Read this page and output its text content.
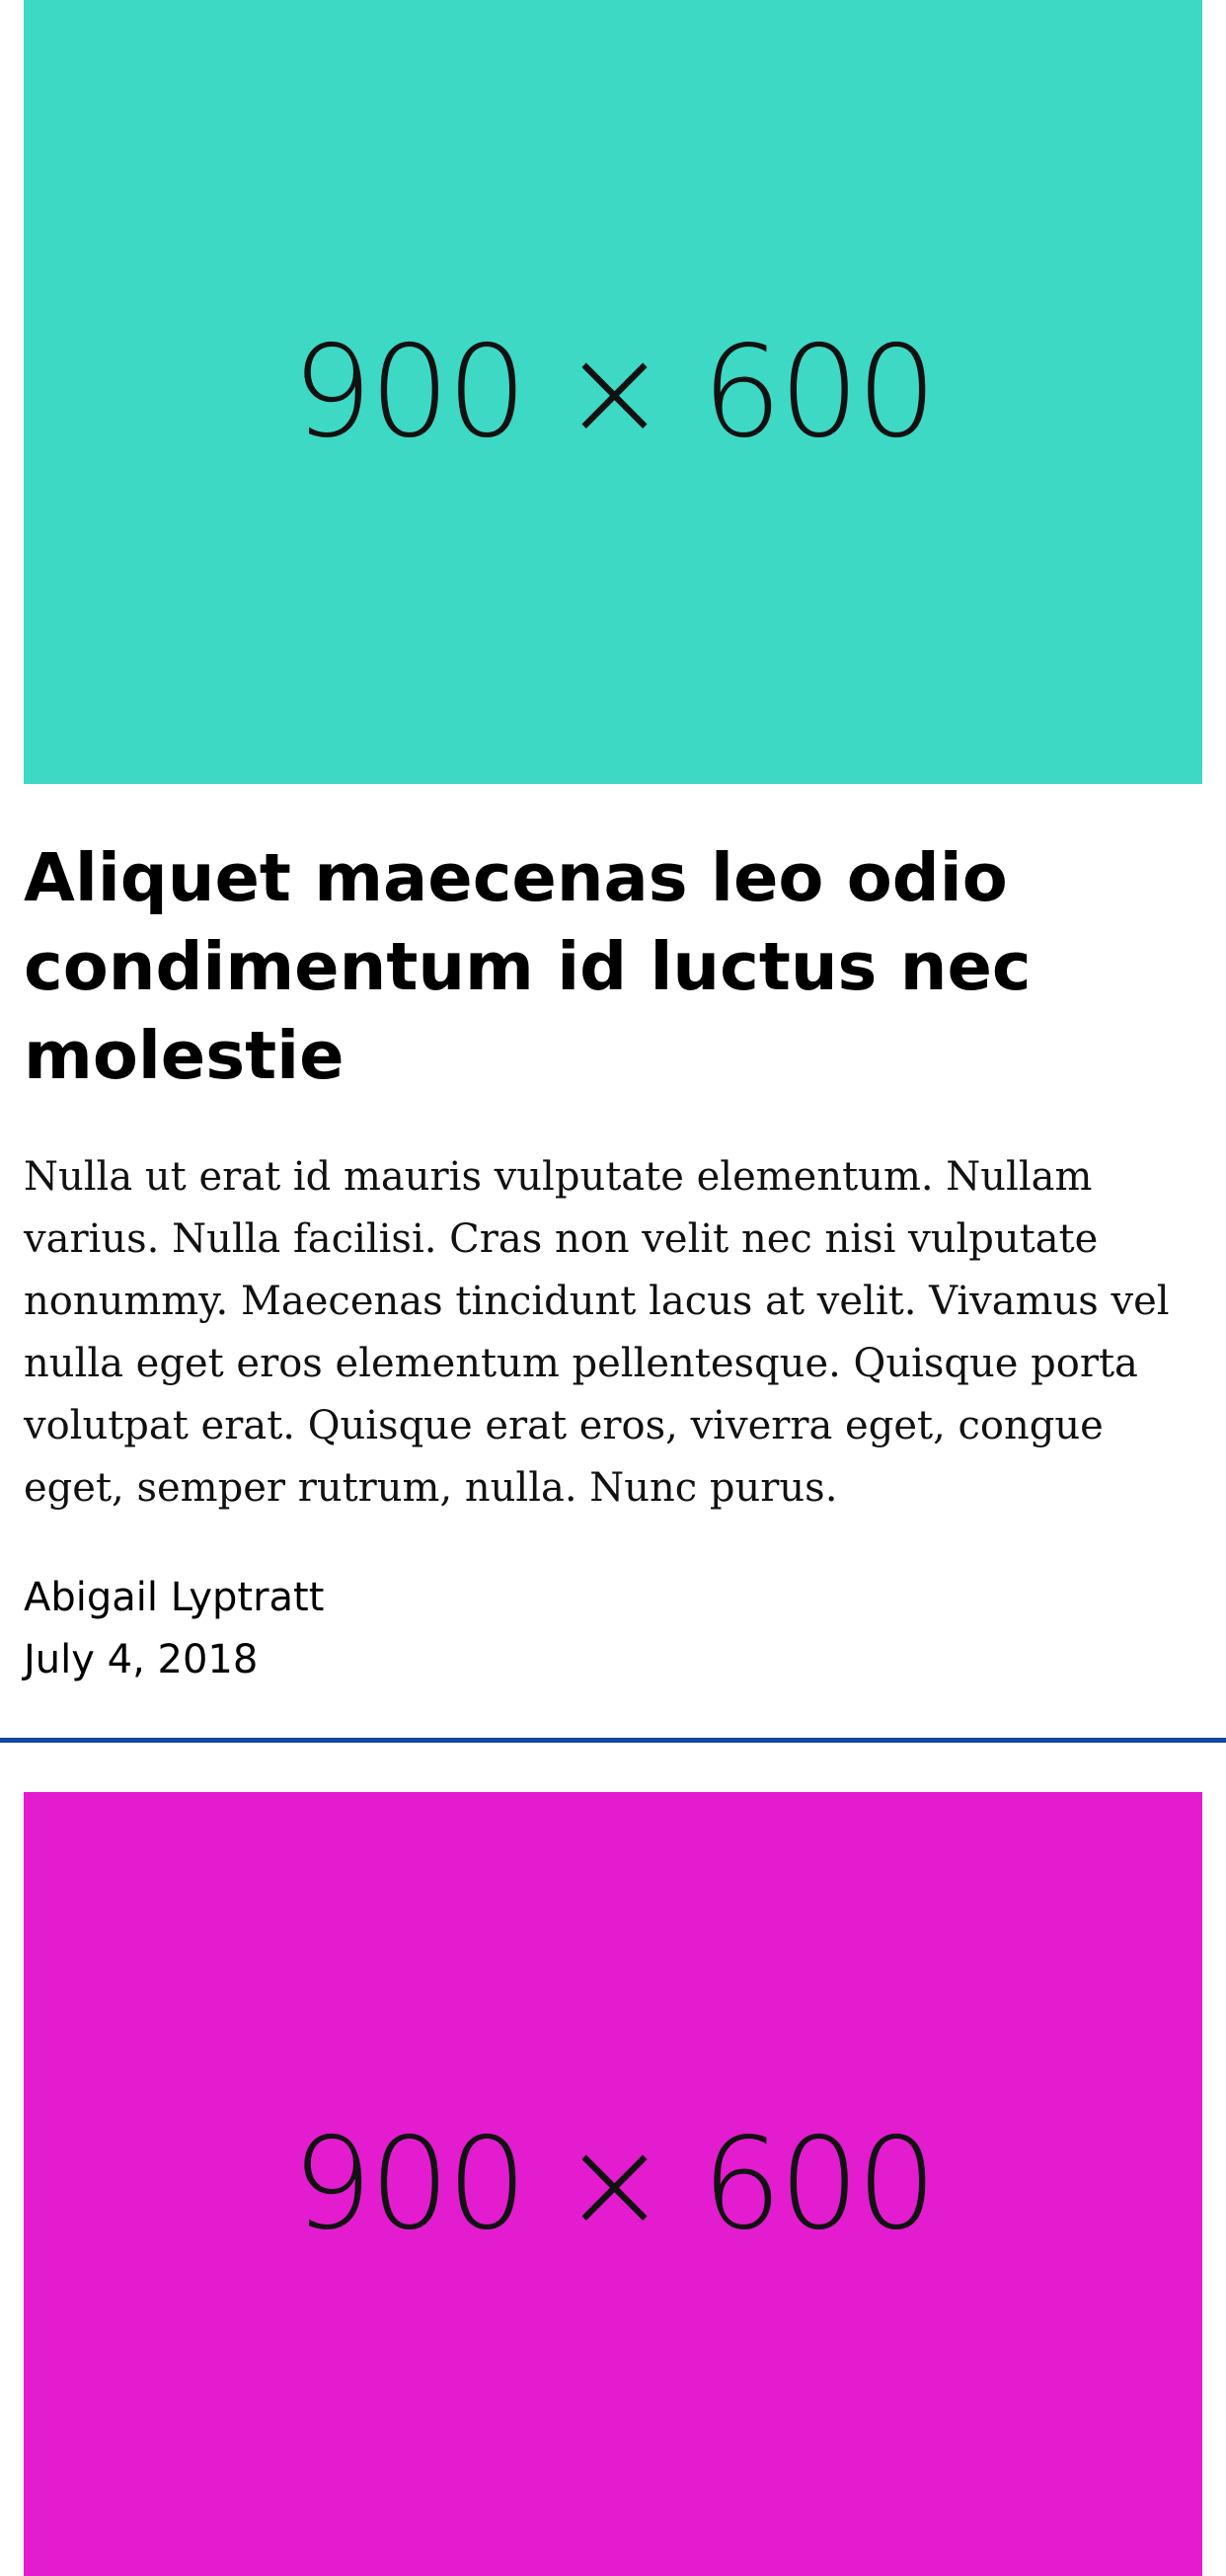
900 × 600
Aliquet maecenas leo odio condimentum id luctus nec molestie

Nulla ut erat id mauris vulputate elementum. Nullam varius. Nulla facilisi. Cras non velit nec nisi vulputate nonummy. Maecenas tincidunt lacus at velit. Vivamus vel nulla eget eros elementum pellentesque. Quisque porta volutpat erat. Quisque erat eros, viverra eget, congue eget, semper rutrum, nulla. Nunc purus.

Abigail Lyptratt
July 4, 2018
900 × 600
